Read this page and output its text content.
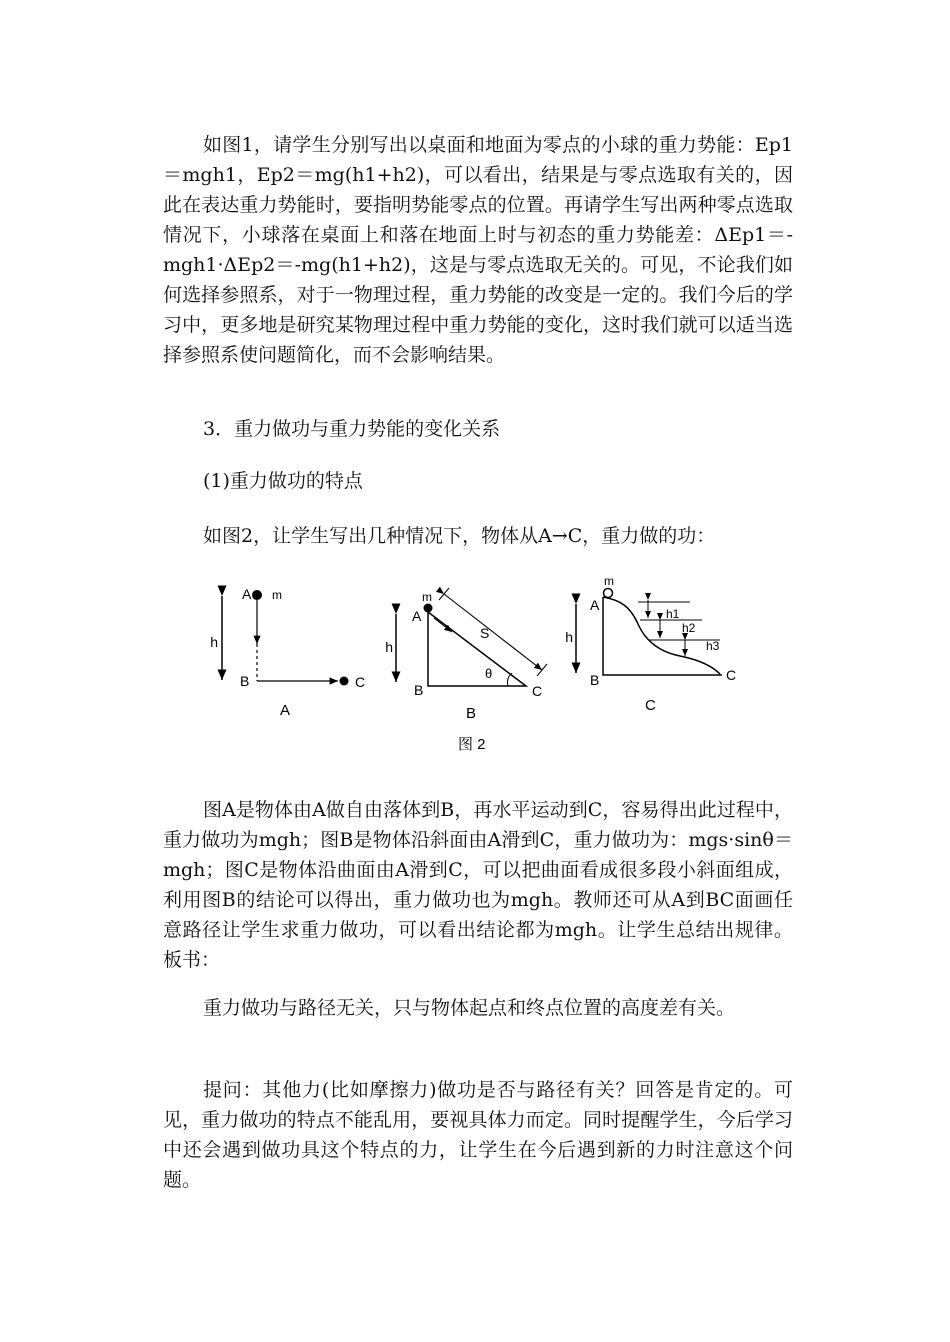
如图1，请学生分别写出以桌面和地面为零点的小球的重力势能：Ep1＝mgh1，Ep2＝mg(h1+h2)，可以看出，结果是与零点选取有关的，因此在表达重力势能时，要指明势能零点的位置。再请学生写出两种零点选取情况下，小球落在桌面上和落在地面上时与初态的重力势能差：ΔEp1＝-mgh1·ΔEp2＝-mg(h1+h2)，这是与零点选取无关的。可见，不论我们如何选择参照系，对于一物理过程，重力势能的改变是一定的。我们今后的学习中，更多地是研究某物理过程中重力势能的变化，这时我们就可以适当选择参照系使问题简化，而不会影响结果。

3．重力做功与重力势能的变化关系

(1)重力做功的特点

如图2，让学生写出几种情况下，物体从A→C，重力做的功：

h
A m
B	C
A
h
m
A
S
θ
B	C
B
m
h
A
h1
h2
h3
B	C
C
图 2

图A是物体由A做自由落体到B，再水平运动到C，容易得出此过程中，重力做功为mgh；图B是物体沿斜面由A滑到C，重力做功为：mgs·sinθ＝mgh；图C是物体沿曲面由A滑到C，可以把曲面看成很多段小斜面组成，利用图B的结论可以得出，重力做功也为mgh。教师还可从A到BC面画任意路径让学生求重力做功，可以看出结论都为mgh。让学生总结出规律。板书：

重力做功与路径无关，只与物体起点和终点位置的高度差有关。

提问：其他力(比如摩擦力)做功是否与路径有关？回答是肯定的。可见，重力做功的特点不能乱用，要视具体力而定。同时提醒学生，今后学习中还会遇到做功具这个特点的力，让学生在今后遇到新的力时注意这个问题。
